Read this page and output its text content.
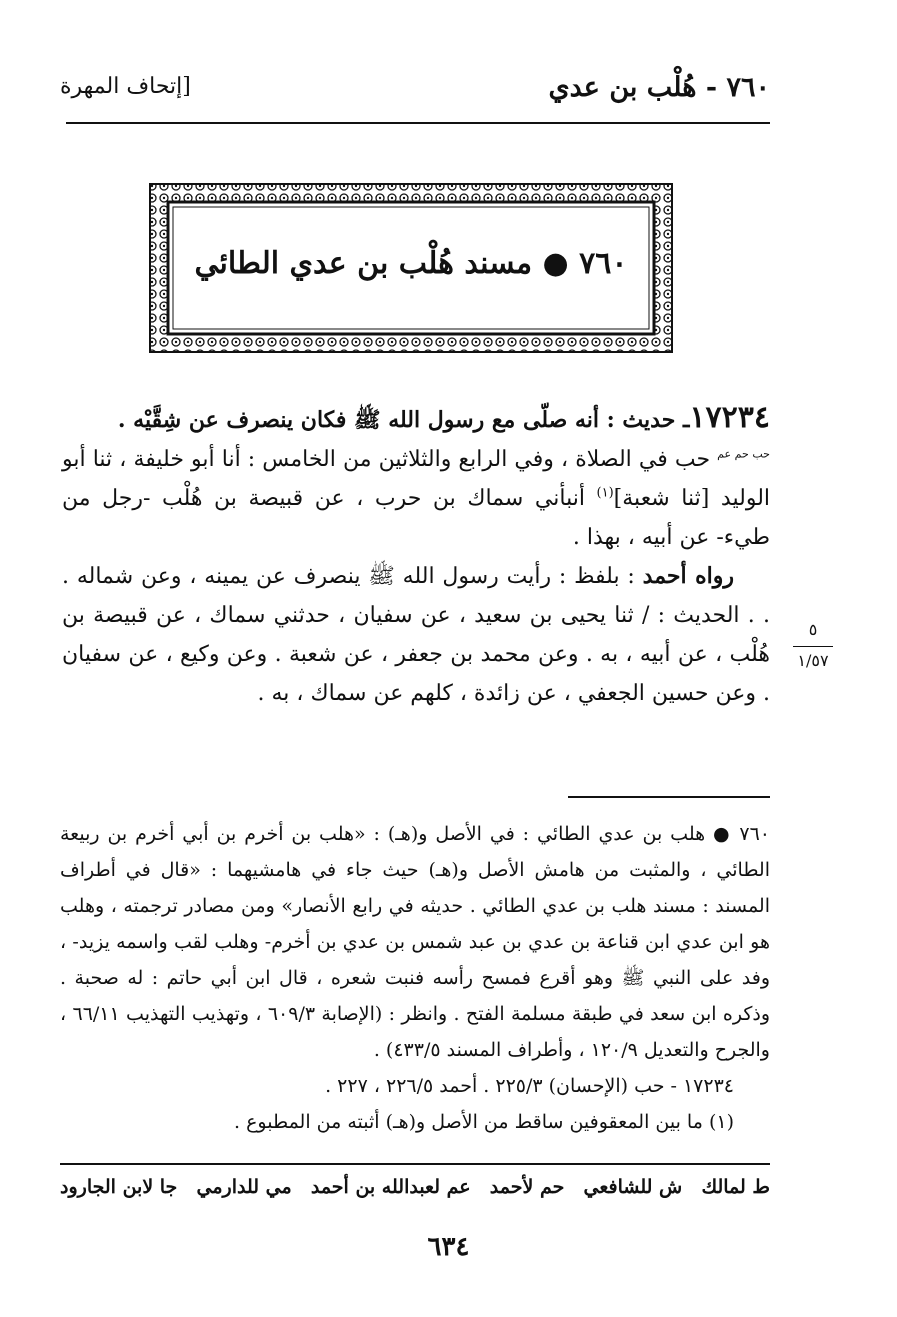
٧٦٠ - هُلْب بن عدي
[إتحاف المهرة
٧٦٠ ● مسند هُلْب بن عدي الطائي

١٧٢٣٤ـ حديث : أنه صلّى مع رسول الله ﷺ فكان ينصرف عن شِقَّيْه .

$^{حب حم عم}$ حب في الصلاة ، وفي الرابع والثلاثين من الخامس : أنا أبو خليفة ، ثنا أبو الوليد [ثنا شعبة]$^{(١)}$ أنبأني سماك بن حرب ، عن قبيصة بن هُلْب -رجل من طيء- عن أبيه ، بهذا .

رواه أحمد : بلفظ : رأيت رسول الله ﷺ ينصرف عن يمينه ، وعن شماله . . . الحديث : / ثنا يحيى بن سعيد ، عن سفيان ، حدثني سماك ، عن قبيصة بن هُلْب ، عن أبيه ، به . وعن محمد بن جعفر ، عن شعبة . وعن وكيع ، عن سفيان . وعن حسين الجعفي ، عن زائدة ، كلهم عن سماك ، به .

٥
١/٥٧

٧٦٠ ● هلب بن عدي الطائي : في الأصل و(هـ) : «هلب بن أخرم بن أبي أخرم بن ربيعة الطائي ، والمثبت من هامش الأصل و(هـ) حيث جاء في هامشيهما : «قال في أطراف المسند : مسند هلب بن عدي الطائي . حديثه في رابع الأنصار» ومن مصادر ترجمته ، وهلب هو ابن عدي ابن قناعة بن عدي بن عبد شمس بن عدي بن أخرم- وهلب لقب واسمه يزيد- ، وفد على النبي ﷺ وهو أقرع فمسح رأسه فنبت شعره ، قال ابن أبي حاتم : له صحبة . وذكره ابن سعد في طبقة مسلمة الفتح . وانظر : (الإصابة ٦٠٩/٣ ، وتهذيب التهذيب ٦٦/١١ ، والجرح والتعديل ١٢٠/٩ ، وأطراف المسند ٤٣٣/٥) .

١٧٢٣٤ - حب (الإحسان) ٢٢٥/٣ . أحمد ٢٢٦/٥ ، ٢٢٧ .

(١) ما بين المعقوفين ساقط من الأصل و(هـ) أثبته من المطبوع .

ط لمالك
ش للشافعي
حم لأحمد
عم لعبدالله بن أحمد
مي للدارمي
جا لابن الجارود
٦٣٤
